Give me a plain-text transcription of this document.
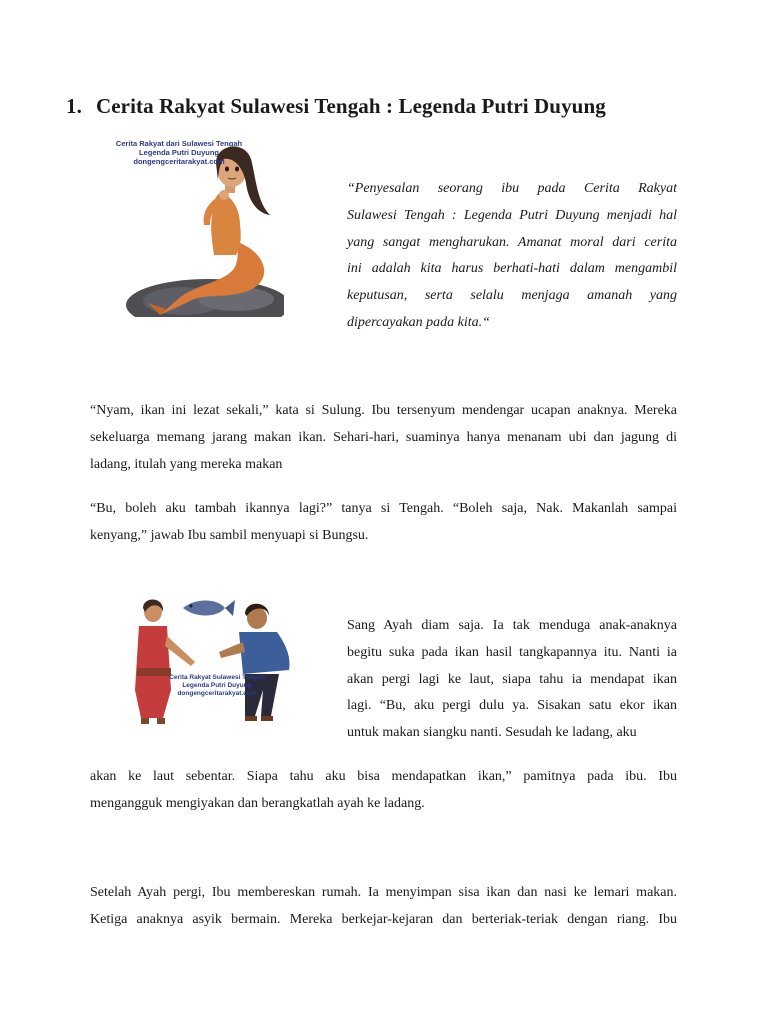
1. Cerita Rakyat Sulawesi Tengah : Legenda Putri Duyung
Cerita Rakyat dari Sulawesi Tengah
Legenda Putri Duyung
dongengceritarakyat.com
“Penyesalan seorang ibu pada Cerita Rakyat
Sulawesi Tengah : Legenda Putri Duyung menjadi hal
yang sangat mengharukan. Amanat moral dari cerita
ini adalah kita harus berhati-hati dalam mengambil
keputusan, serta selalu menjaga amanah yang
dipercayakan pada kita.“
“Nyam, ikan ini lezat sekali,” kata si Sulung. Ibu tersenyum mendengar ucapan anaknya. Mereka
sekeluarga memang jarang makan ikan. Sehari-hari, suaminya hanya menanam ubi dan jagung di
ladang, itulah yang mereka makan
“Bu, boleh aku tambah ikannya lagi?” tanya si Tengah. “Boleh saja, Nak. Makanlah sampai
kenyang,” jawab Ibu sambil menyuapi si Bungsu.
Cerita Rakyat Sulawesi Tengah
Legenda Putri Duyung
dongengceritarakyat.com
Sang Ayah diam saja. Ia tak menduga anak-anaknya
begitu suka pada ikan hasil tangkapannya itu. Nanti ia
akan pergi lagi ke laut, siapa tahu ia mendapat ikan
lagi. “Bu, aku pergi dulu ya. Sisakan satu ekor ikan
untuk makan siangku nanti. Sesudah ke ladang, aku
akan ke laut sebentar. Siapa tahu aku bisa mendapatkan ikan,” pamitnya pada ibu. Ibu
mengangguk mengiyakan dan berangkatlah ayah ke ladang.
Setelah Ayah pergi, Ibu membereskan rumah. Ia menyimpan sisa ikan dan nasi ke lemari makan.
Ketiga anaknya asyik bermain. Mereka berkejar-kejaran dan berteriak-teriak dengan riang. Ibu
